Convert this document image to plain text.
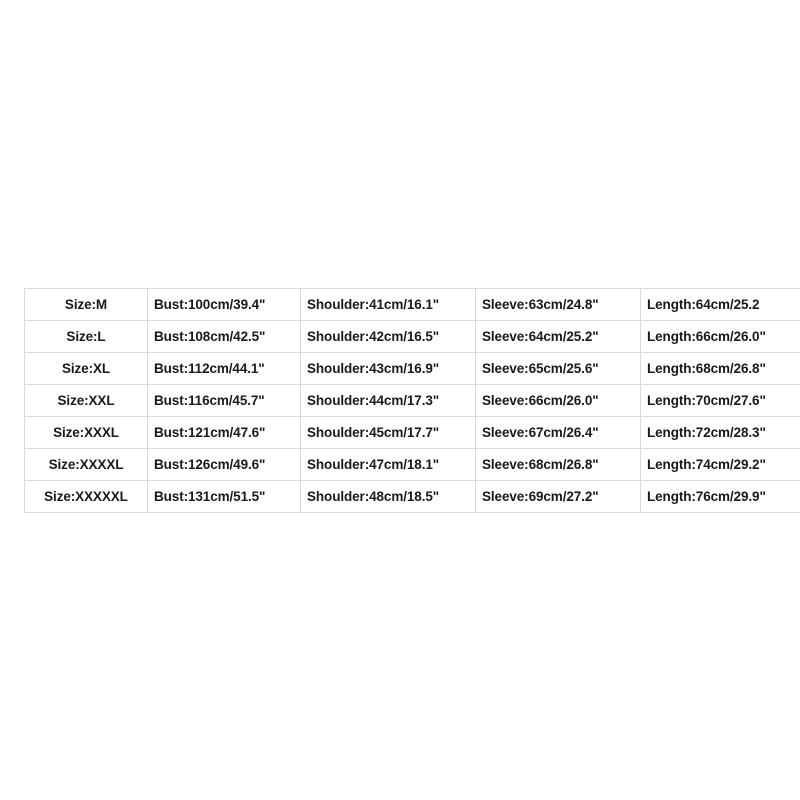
Size:M	Bust:100cm/39.4"	Shoulder:41cm/16.1"	Sleeve:63cm/24.8"	Length:64cm/25.2
Size:L	Bust:108cm/42.5"	Shoulder:42cm/16.5"	Sleeve:64cm/25.2"	Length:66cm/26.0"
Size:XL	Bust:112cm/44.1"	Shoulder:43cm/16.9"	Sleeve:65cm/25.6"	Length:68cm/26.8"
Size:XXL	Bust:116cm/45.7"	Shoulder:44cm/17.3"	Sleeve:66cm/26.0"	Length:70cm/27.6"
Size:XXXL	Bust:121cm/47.6"	Shoulder:45cm/17.7"	Sleeve:67cm/26.4"	Length:72cm/28.3"
Size:XXXXL	Bust:126cm/49.6"	Shoulder:47cm/18.1"	Sleeve:68cm/26.8"	Length:74cm/29.2"
Size:XXXXXL	Bust:131cm/51.5"	Shoulder:48cm/18.5"	Sleeve:69cm/27.2"	Length:76cm/29.9"
